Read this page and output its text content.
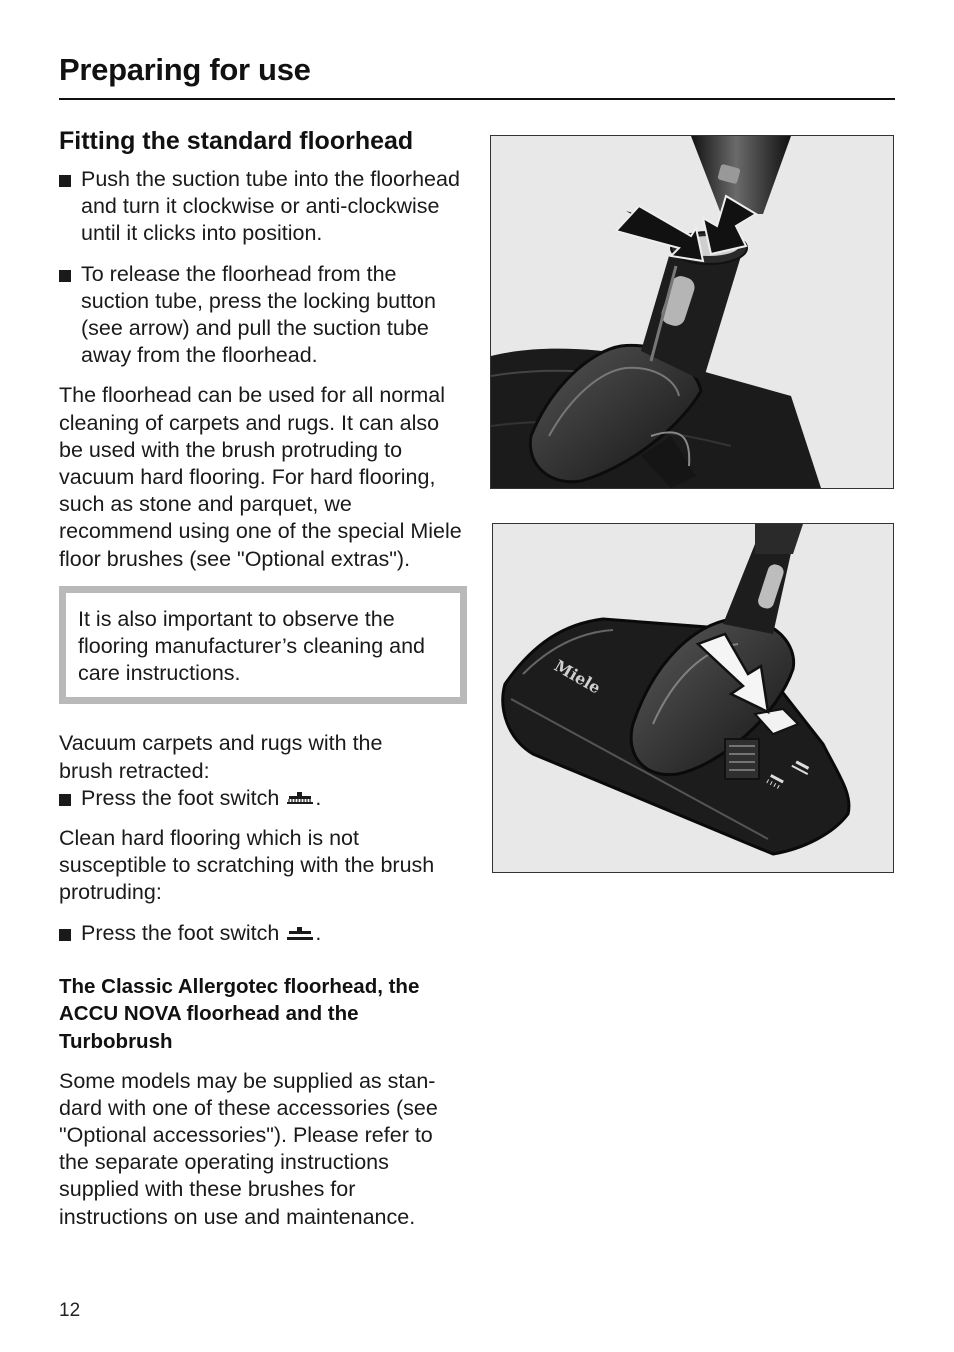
Preparing for use
Fitting the standard floorhead
Push the suction tube into the floorhead and turn it clockwise or anti-clockwise until it clicks into position.
To release the floorhead from the suction tube, press the locking button (see arrow) and pull the suction tube away from the floorhead.

The floorhead can be used for all normal cleaning of carpets and rugs. It can also be used with the brush protruding to vacuum hard flooring. For hard flooring, such as stone and parquet, we recommend using one of the special Miele floor brushes (see "Optional extras").

It is also important to observe the flooring manufacturer’s cleaning and care instructions.

Vacuum carpets and rugs with the

brush retracted:

Press the foot switch .

Clean hard flooring which is not susceptible to scratching with the brush protruding:

Press the foot switch .
The Classic Allergotec floorhead, the ACCU NOVA floorhead and the Turbobrush

Some models may be supplied as stan-dard with one of these accessories (see "Optional accessories"). Please refer to the separate operating instructions supplied with these brushes for instructions on use and maintenance.

Miele
12
